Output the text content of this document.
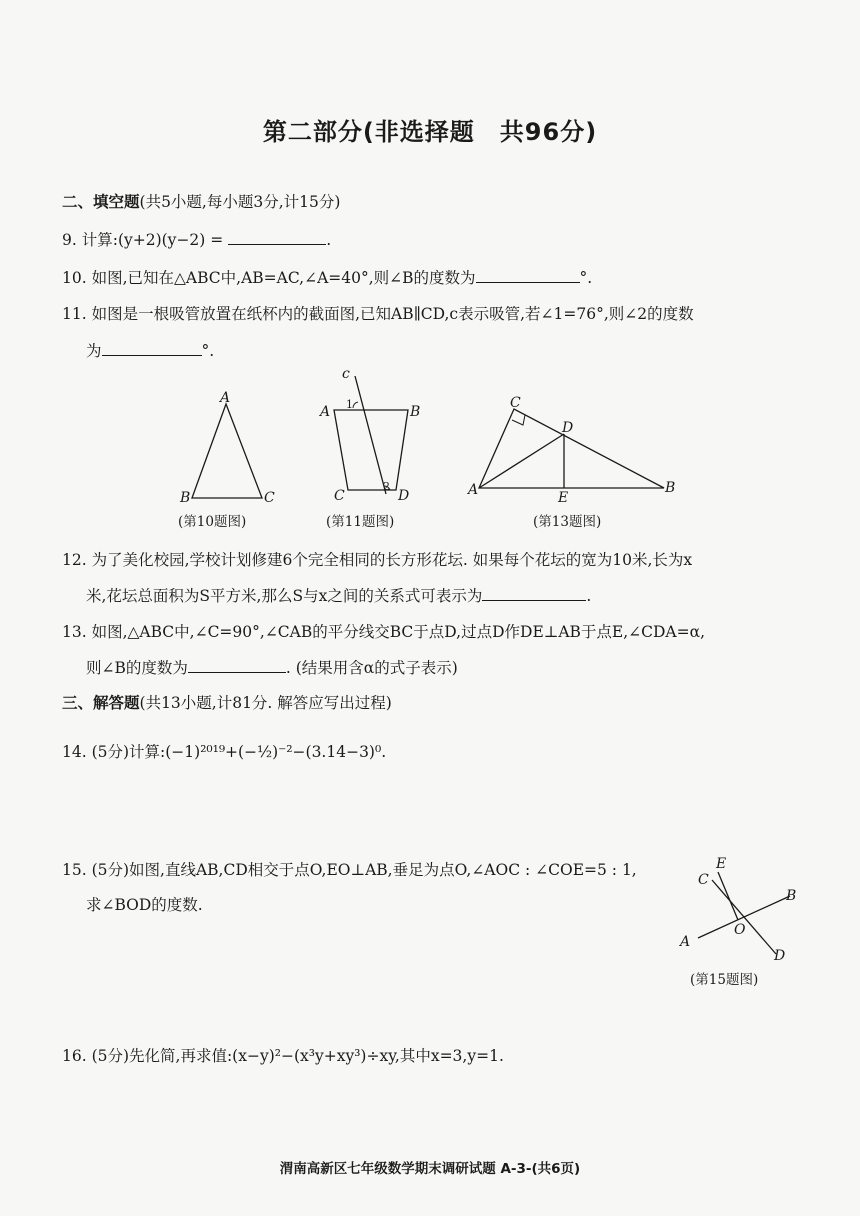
第二部分(非选择题　共96分)
二、填空题(共5小题,每小题3分,计15分)
9. 计算:(y+2)(y−2) =	.
10. 如图,已知在△ABC中,AB=AC,∠A=40°,则∠B的度数为	°.
11. 如图是一根吸管放置在纸杯内的截面图,已知AB∥CD,c表示吸管,若∠1=76°,则∠2的度数
为	°.
A
B	C
(第10题图)
c
A	B
C	D
1
2
(第11题图)
C
D
A	B
E
(第13题图)
12. 为了美化校园,学校计划修建6个完全相同的长方形花坛. 如果每个花坛的宽为10米,长为x
米,花坛总面积为S平方米,那么S与x之间的关系式可表示为	.
13. 如图,△ABC中,∠C=90°,∠CAB的平分线交BC于点D,过点D作DE⊥AB于点E,∠CDA=α,
则∠B的度数为	. (结果用含α的式子表示)
三、解答题(共13小题,计81分. 解答应写出过程)
14. (5分)计算:(−1)²⁰¹⁹+(−½)⁻²−(3.14−3)⁰.
15. (5分)如图,直线AB,CD相交于点O,EO⊥AB,垂足为点O,∠AOC : ∠COE=5 : 1,
求∠BOD的度数.
E
C
B
O
A
D
(第15题图)
16. (5分)先化简,再求值:(x−y)²−(x³y+xy³)÷xy,其中x=3,y=1.
渭南高新区七年级数学期末调研试题 A-3-(共6页)
